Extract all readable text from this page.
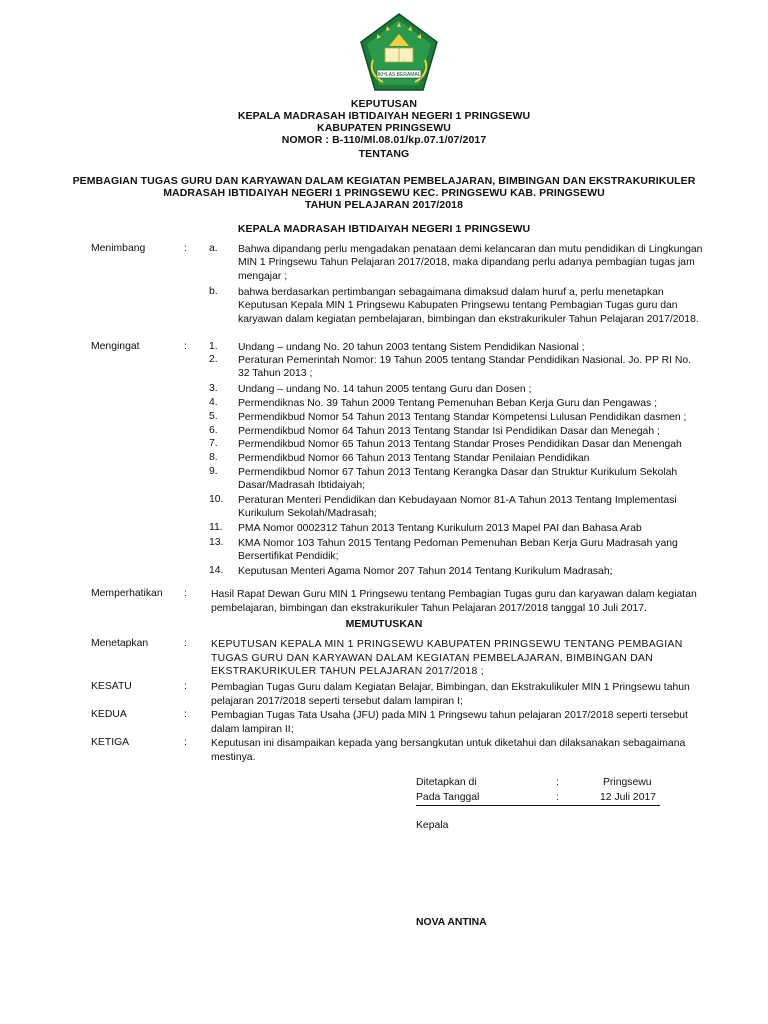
IKHLAS BERAMAL
KEPUTUSAN
KEPALA MADRASAH IBTIDAIYAH NEGERI 1 PRINGSEWU
KABUPATEN PRINGSEWU
NOMOR : B-110/Ml.08.01/kp.07.1/07/2017
TENTANG
PEMBAGIAN TUGAS GURU DAN KARYAWAN DALAM KEGIATAN PEMBELAJARAN, BIMBINGAN DAN EKSTRAKURIKULER
MADRASAH IBTIDAIYAH NEGERI 1 PRINGSEWU KEC. PRINGSEWU KAB. PRINGSEWU
TAHUN PELAJARAN 2017/2018
KEPALA MADRASAH IBTIDAIYAH NEGERI 1 PRINGSEWU
Menimbang	: a. Bahwa dipandang perlu mengadakan penataan demi kelancaran dan mutu pendidikan di Lingkungan
MIN 1 Pringsewu Tahun Pelajaran 2017/2018, maka dipandang perlu adanya pembagian tugas jam
mengajar ;
b. bahwa berdasarkan pertimbangan sebagaimana dimaksud dalam huruf a, perlu menetapkan
Keputusan Kepala MIN 1 Pringsewu Kabupaten Pringsewu tentang Pembagian Tugas guru dan
karyawan dalam kegiatan pembelajaran, bimbingan dan ekstrakurikuler Tahun Pelajaran 2017/2018.
Mengingat	: 1. Undang – undang No. 20 tahun 2003 tentang Sistem Pendidikan Nasional ;
2. Peraturan Pemerintah Nomor: 19 Tahun 2005 tentang Standar Pendidikan Nasional. Jo. PP RI No.
32 Tahun 2013 ;
3. Undang – undang No. 14 tahun 2005 tentang Guru dan Dosen ;
4. Permendiknas No. 39 Tahun 2009 Tentang Pemenuhan Beban Kerja Guru dan Pengawas ;
5. Permendikbud Nomor 54 Tahun 2013 Tentang Standar Kompetensi Lulusan Pendidikan dasmen ;
6. Permendikbud Nomor 64 Tahun 2013 Tentang Standar Isi Pendidikan Dasar dan Menegah ;
7. Permendikbud Nomor 65 Tahun 2013 Tentang Standar Proses Pendidikan Dasar dan Menengah
8. Permendikbud Nomor 66 Tahun 2013 Tentang Standar Penilaian Pendidikan
9. Permendikbud Nomor 67 Tahun 2013 Tentang Kerangka Dasar dan Struktur Kurikulum Sekolah
Dasar/Madrasah Ibtidaiyah;
10. Peraturan Menteri Pendidikan dan Kebudayaan Nomor 81-A Tahun 2013 Tentang Implementasi
Kurikulum Sekolah/Madrasah;
11. PMA Nomor 0002312 Tahun 2013 Tentang Kurikulum 2013 Mapel PAI dan Bahasa Arab
13. KMA Nomor 103 Tahun 2015 Tentang Pedoman Pemenuhan Beban Kerja Guru Madrasah yang
Bersertifikat Pendidik;
14. Keputusan Menteri Agama Nomor 207 Tahun 2014 Tentang Kurikulum Madrasah;
Memperhatikan : Hasil Rapat Dewan Guru MIN 1 Pringsewu tentang Pembagian Tugas guru dan karyawan dalam kegiatan
pembelajaran, bimbingan dan ekstrakurikuler Tahun Pelajaran 2017/2018 tanggal 10 Juli 2017.
MEMUTUSKAN
Menetapkan	: KEPUTUSAN KEPALA MIN 1 PRINGSEWU KABUPATEN PRINGSEWU TENTANG PEMBAGIAN
TUGAS GURU DAN KARYAWAN DALAM KEGIATAN PEMBELAJARAN, BIMBINGAN DAN
EKSTRAKURIKULER TAHUN PELAJARAN 2017/2018 ;
KESATU	: Pembagian Tugas Guru dalam Kegiatan Belajar, Bimbingan, dan Ekstrakulikuler MIN 1 Pringsewu tahun
pelajaran 2017/2018 seperti tersebut dalam lampiran I;
KEDUA	: Pembagian Tugas Tata Usaha (JFU) pada MIN 1 Pringsewu tahun pelajaran 2017/2018 seperti tersebut
dalam lampiran II;
KETIGA	: Keputusan ini disampaikan kepada yang bersangkutan untuk diketahui dan dilaksanakan sebagaimana
mestinya.
Ditetapkan di	:	Pringsewu
Pada Tanggal	:	12 Juli 2017
Kepala
NOVA ANTINA
